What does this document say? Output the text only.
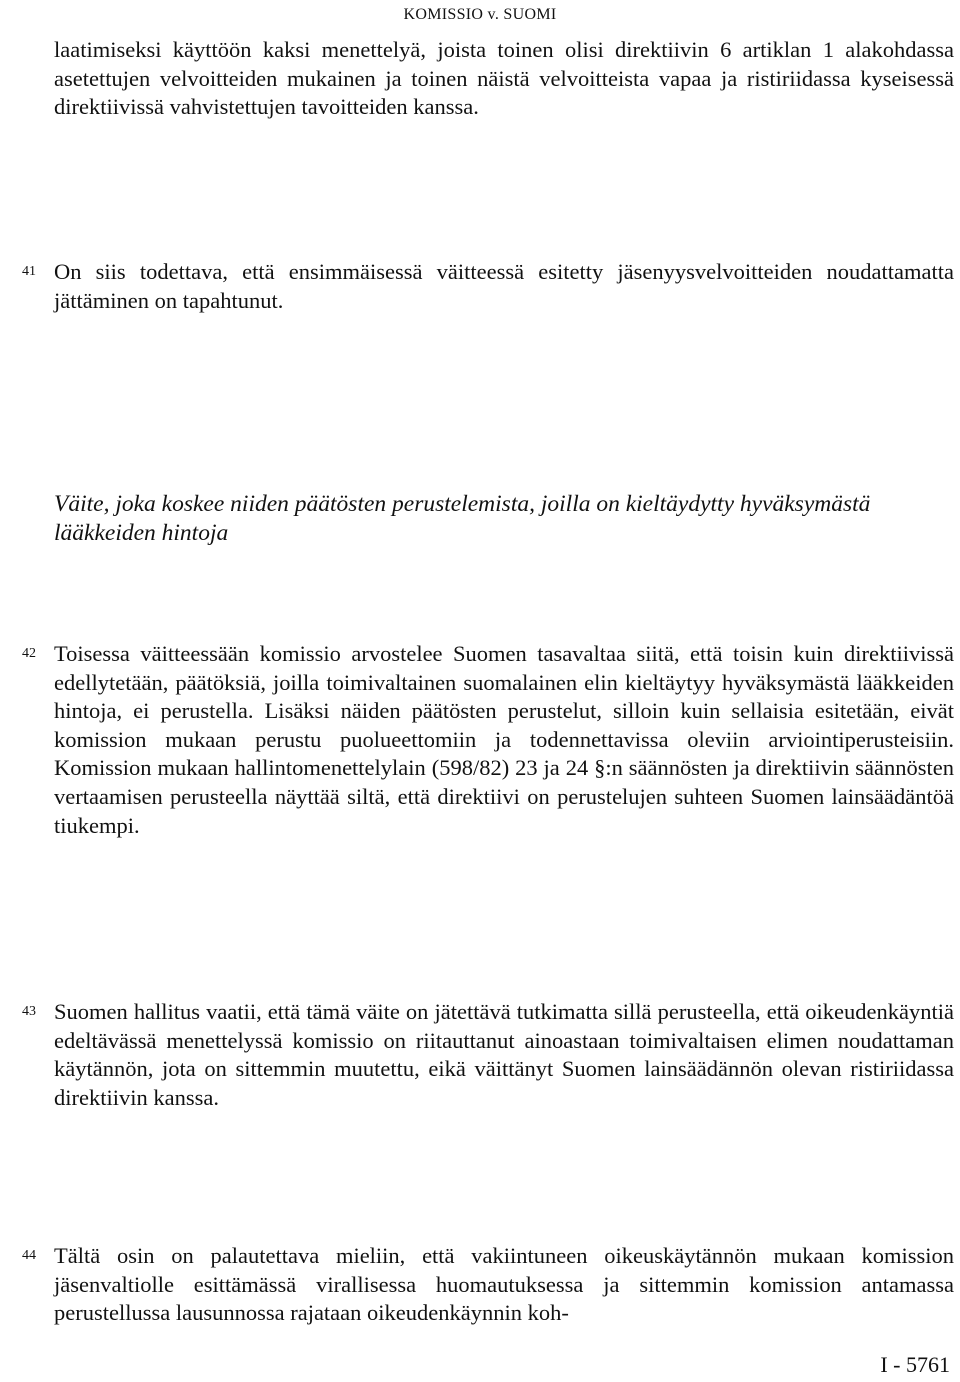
KOMISSIO v. SUOMI
laatimiseksi käyttöön kaksi menettelyä, joista toinen olisi direktiivin 6 artiklan 1 alakohdassa asetettujen velvoitteiden mukainen ja toinen näistä velvoitteista vapaa ja ristiriidassa kyseisessä direktiivissä vahvistettujen tavoitteiden kanssa.
41 On siis todettava, että ensimmäisessä väitteessä esitetty jäsenyysvelvoitteiden noudattamatta jättäminen on tapahtunut.
Väite, joka koskee niiden päätösten perustelemista, joilla on kieltäydytty hyväksymästä lääkkeiden hintoja
42 Toisessa väitteessään komissio arvostelee Suomen tasavaltaa siitä, että toisin kuin direktiivissä edellytetään, päätöksiä, joilla toimivaltainen suomalainen elin kieltäytyy hyväksymästä lääkkeiden hintoja, ei perustella. Lisäksi näiden päätösten perustelut, silloin kuin sellaisia esitetään, eivät komission mukaan perustu puolueettomiin ja todennettavissa oleviin arviointiperusteisiin. Komission mukaan hallintomenettelylain (598/82) 23 ja 24 §:n säännösten ja direktiivin säännösten vertaamisen perusteella näyttää siltä, että direktiivi on perustelujen suhteen Suomen lainsäädäntöä tiukempi.
43 Suomen hallitus vaatii, että tämä väite on jätettävä tutkimatta sillä perusteella, että oikeudenkäyntiä edeltävässä menettelyssä komissio on riitauttanut ainoastaan toimivaltaisen elimen noudattaman käytännön, jota on sittemmin muutettu, eikä väittänyt Suomen lainsäädännön olevan ristiriidassa direktiivin kanssa.
44 Tältä osin on palautettava mieliin, että vakiintuneen oikeuskäytännön mukaan komission jäsenvaltiolle esittämässä virallisessa huomautuksessa ja sittemmin komission antamassa perustellussa lausunnossa rajataan oikeudenkäynnin koh-
I - 5761
